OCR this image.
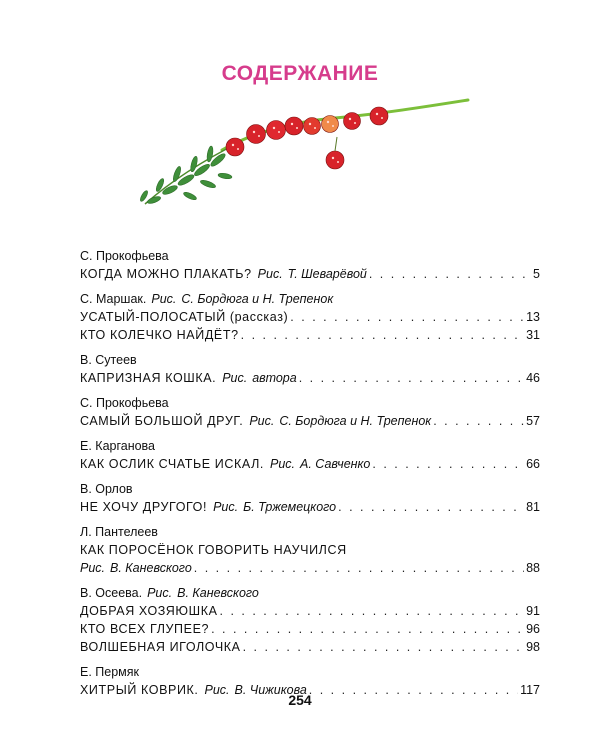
СОДЕРЖАНИЕ
С. Прокофьева
КОГДА МОЖНО ПЛАКАТЬ? Рис. Т. Шеварёвой . . .	5
С. Маршак. Рис. С. Бордюга и Н. Трепенок
УСАТЫЙ-ПОЛОСАТЫЙ (рассказ) . . .	13
КТО КОЛЕЧКО НАЙДЁТ? . . .	31
В. Сутеев
КАПРИЗНАЯ КОШКА. Рис. автора . . .	46
С. Прокофьева
САМЫЙ БОЛЬШОЙ ДРУГ. Рис. С. Бордюга и Н. Трепенок . . .	57
Е. Карганова
КАК ОСЛИК СЧАТЬЕ ИСКАЛ. Рис. А. Савченко . . .	66
В. Орлов
НЕ ХОЧУ ДРУГОГО! Рис. Б. Тржемецкого . . .	81
Л. Пантелеев
КАК ПОРОСЁНОК ГОВОРИТЬ НАУЧИЛСЯ
Рис. В. Каневского . . .	88
В. Осеева. Рис. В. Каневского
ДОБРАЯ ХОЗЯЮШКА . . .	91
КТО ВСЕХ ГЛУПЕЕ? . . .	96
ВОЛШЕБНАЯ ИГОЛОЧКА . . .	98
Е. Пермяк
ХИТРЫЙ КОВРИК. Рис. В. Чижикова . . .	117
254
